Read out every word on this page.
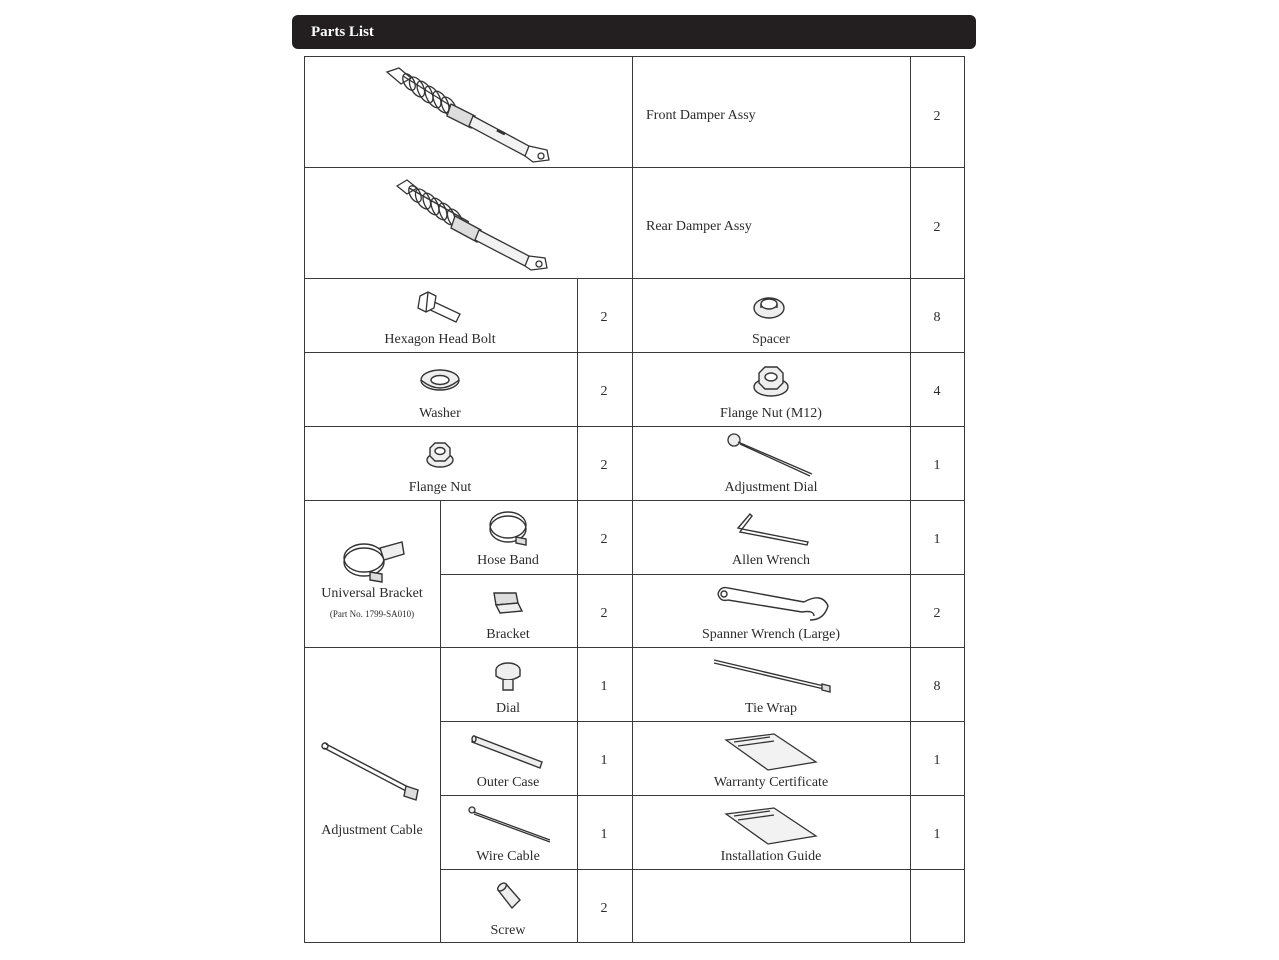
Parts List
Front Damper Assy	2
Rear Damper Assy	2
Hexagon Head Bolt
2
Spacer
8
Washer
2
Flange Nut (M12)
4
Flange Nut
2
Adjustment Dial
1
Universal Bracket
(Part No. 1799-SA010)
Hose Band
2
Allen Wrench
1
Bracket
2
Spanner Wrench (Large)
2
Adjustment Cable
Dial
1
Tie Wrap
8
Outer Case
1
Warranty Certificate
1
Wire Cable
1
Installation Guide
1
Screw
2
